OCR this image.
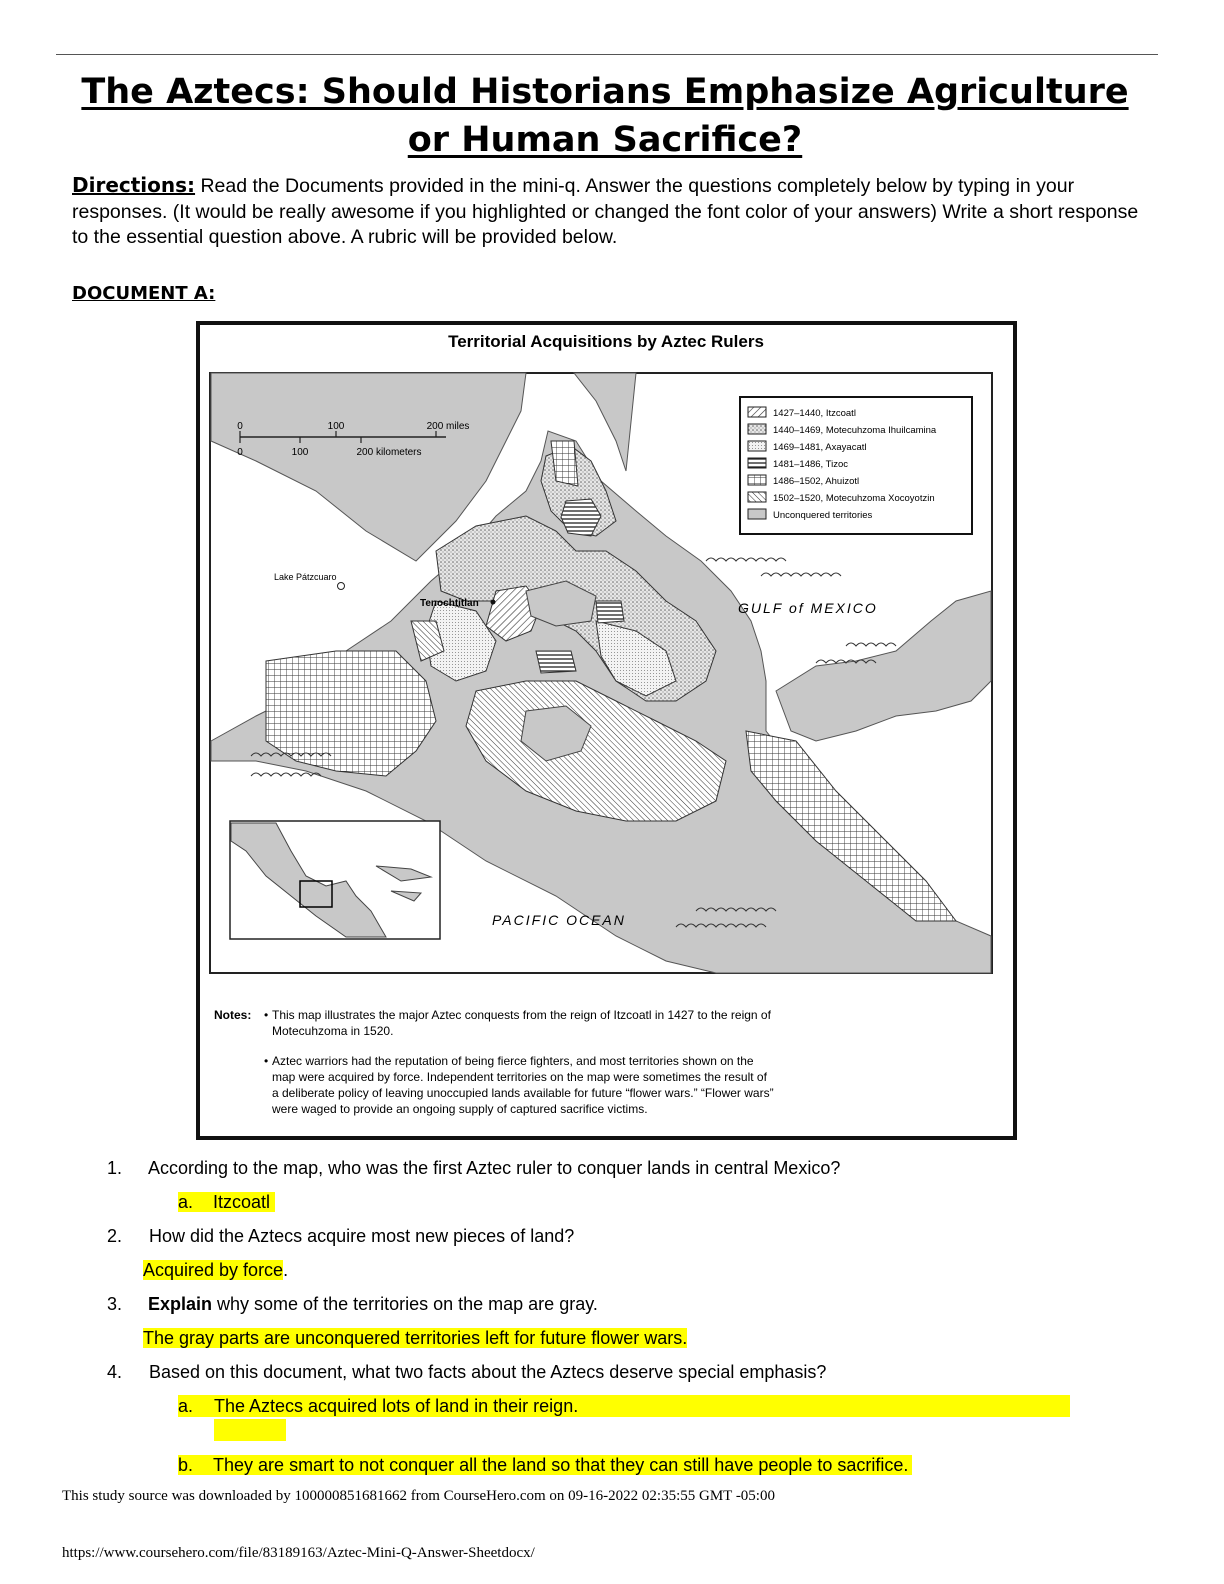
The Aztecs: Should Historians Emphasize Agriculture or Human Sacrifice?

Directions: Read the Documents provided in the mini-q. Answer the questions completely below by typing in your responses. (It would be really awesome if you highlighted or changed the font color of your answers) Write a short response to the essential question above. A rubric will be provided below.

DOCUMENT A:
Territorial Acquisitions by Aztec Rulers
0	100	200 miles
0	100	200 kilometers
1427–1440, Itzcoatl
1440–1469, Motecuhzoma Ihuilcamina
1469–1481, Axayacatl
1481–1486, Tizoc
1486–1502, Ahuizotl
1502–1520, Motecuhzoma Xocoyotzin
Unconquered territories
Lake Pátzcuaro
Tenochtitlan	GULF of MEXICO
PACIFIC OCEAN
Notes: • This map illustrates the major Aztec conquests from the reign of Itzcoatl in 1427 to the reign of
Motecuhzoma in 1520.
• Aztec warriors had the reputation of being fierce fighters, and most territories shown on the
map were acquired by force. Independent territories on the map were sometimes the result of
a deliberate policy of leaving unoccupied lands available for future “flower wars.” “Flower wars”
were waged to provide an ongoing supply of captured sacrifice victims.
1. According to the map, who was the first Aztec ruler to conquer lands in central Mexico?
a. Itzcoatl
2. How did the Aztecs acquire most new pieces of land?
Acquired by force.
3. Explain why some of the territories on the map are gray.
The gray parts are unconquered territories left for future flower wars.
4. Based on this document, what two facts about the Aztecs deserve special emphasis?
a. The Aztecs acquired lots of land in their reign.
b. They are smart to not conquer all the land so that they can still have people to sacrifice.
This study source was downloaded by 100000851681662 from CourseHero.com on 09-16-2022 02:35:55 GMT -05:00
https://www.coursehero.com/file/83189163/Aztec-Mini-Q-Answer-Sheetdocx/
